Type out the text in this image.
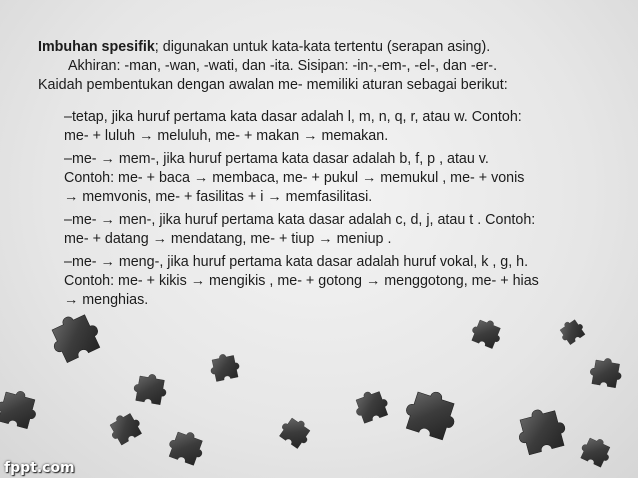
Imbuhan spesifik; digunakan untuk kata-kata tertentu (serapan asing).

Akhiran: -man, -wan, -wati, dan -ita. Sisipan: -in-,-em-, -el-, dan -er-.

Kaidah pembentukan dengan awalan me- memiliki aturan sebagai berikut:

–tetap, jika huruf pertama kata dasar adalah l, m, n, q, r, atau w. Contoh:

me- + luluh → meluluh, me- + makan → memakan.

–me- → mem-, jika huruf pertama kata dasar adalah b, f, p , atau v.

Contoh: me- + baca → membaca, me- + pukul → memukul , me- + vonis

→ memvonis, me- + fasilitas + i → memfasilitasi.

–me- → men-, jika huruf pertama kata dasar adalah c, d, j, atau t . Contoh:

me- + datang → mendatang, me- + tiup → meniup .

–me- → meng-, jika huruf pertama kata dasar adalah huruf vokal, k , g, h.

Contoh: me- + kikis → mengikis , me- + gotong → menggotong, me- + hias

→ menghias.

fppt.com
